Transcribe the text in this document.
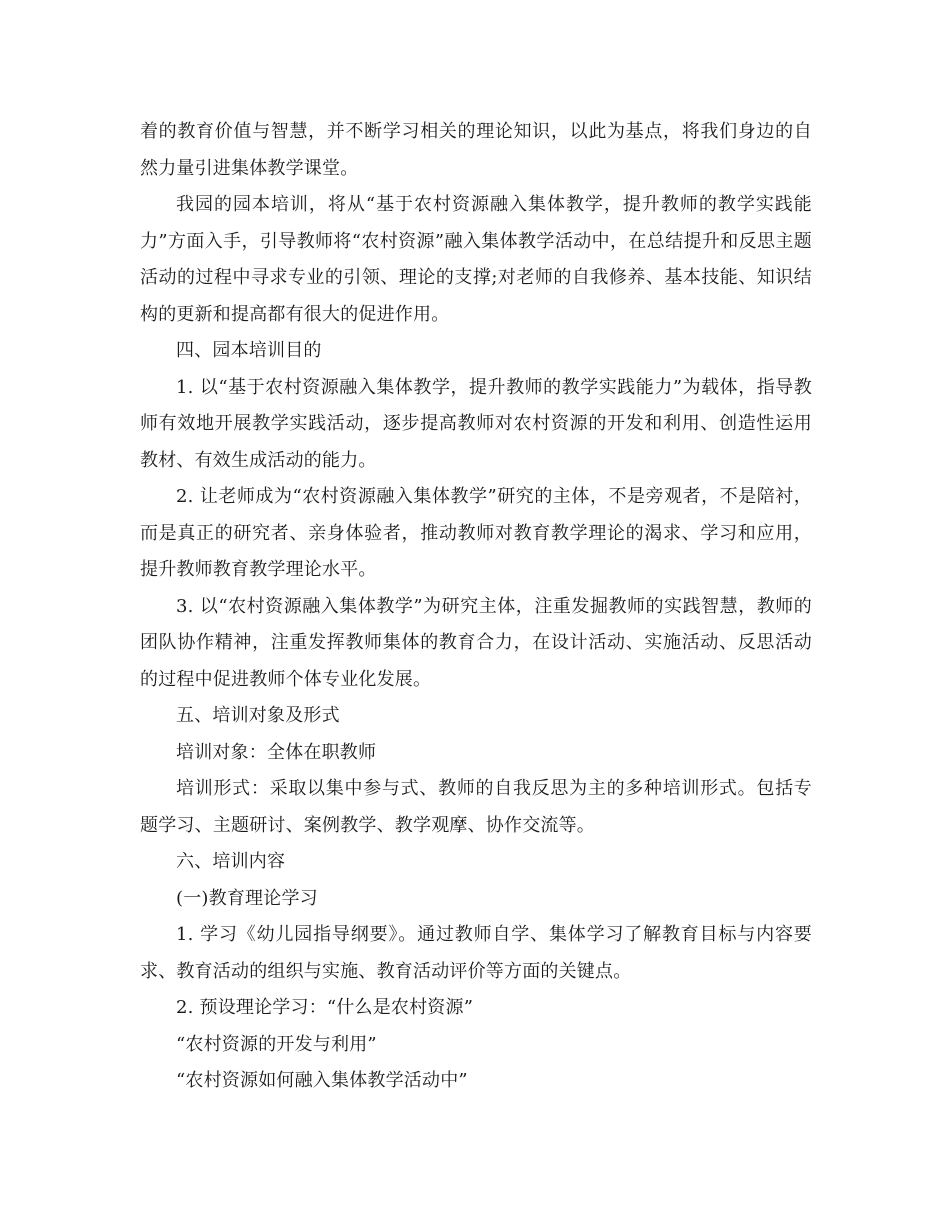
着的教育价值与智慧，并不断学习相关的理论知识，以此为基点，将我们身边的自然力量引进集体教学课堂。

我园的园本培训，将从“基于农村资源融入集体教学，提升教师的教学实践能力”方面入手，引导教师将“农村资源”融入集体教学活动中，在总结提升和反思主题活动的过程中寻求专业的引领、理论的支撑;对老师的自我修养、基本技能、知识结构的更新和提高都有很大的促进作用。

四、园本培训目的

1. 以“基于农村资源融入集体教学，提升教师的教学实践能力”为载体，指导教师有效地开展教学实践活动，逐步提高教师对农村资源的开发和利用、创造性运用教材、有效生成活动的能力。

2. 让老师成为“农村资源融入集体教学”研究的主体，不是旁观者，不是陪衬，而是真正的研究者、亲身体验者，推动教师对教育教学理论的渴求、学习和应用，提升教师教育教学理论水平。

3. 以“农村资源融入集体教学”为研究主体，注重发掘教师的实践智慧，教师的团队协作精神，注重发挥教师集体的教育合力，在设计活动、实施活动、反思活动的过程中促进教师个体专业化发展。

五、培训对象及形式

培训对象：全体在职教师

培训形式：采取以集中参与式、教师的自我反思为主的多种培训形式。包括专题学习、主题研讨、案例教学、教学观摩、协作交流等。

六、培训内容

(一)教育理论学习

1. 学习《幼儿园指导纲要》。通过教师自学、集体学习了解教育目标与内容要求、教育活动的组织与实施、教育活动评价等方面的关键点。

2. 预设理论学习：“什么是农村资源”

“农村资源的开发与利用”

“农村资源如何融入集体教学活动中”
